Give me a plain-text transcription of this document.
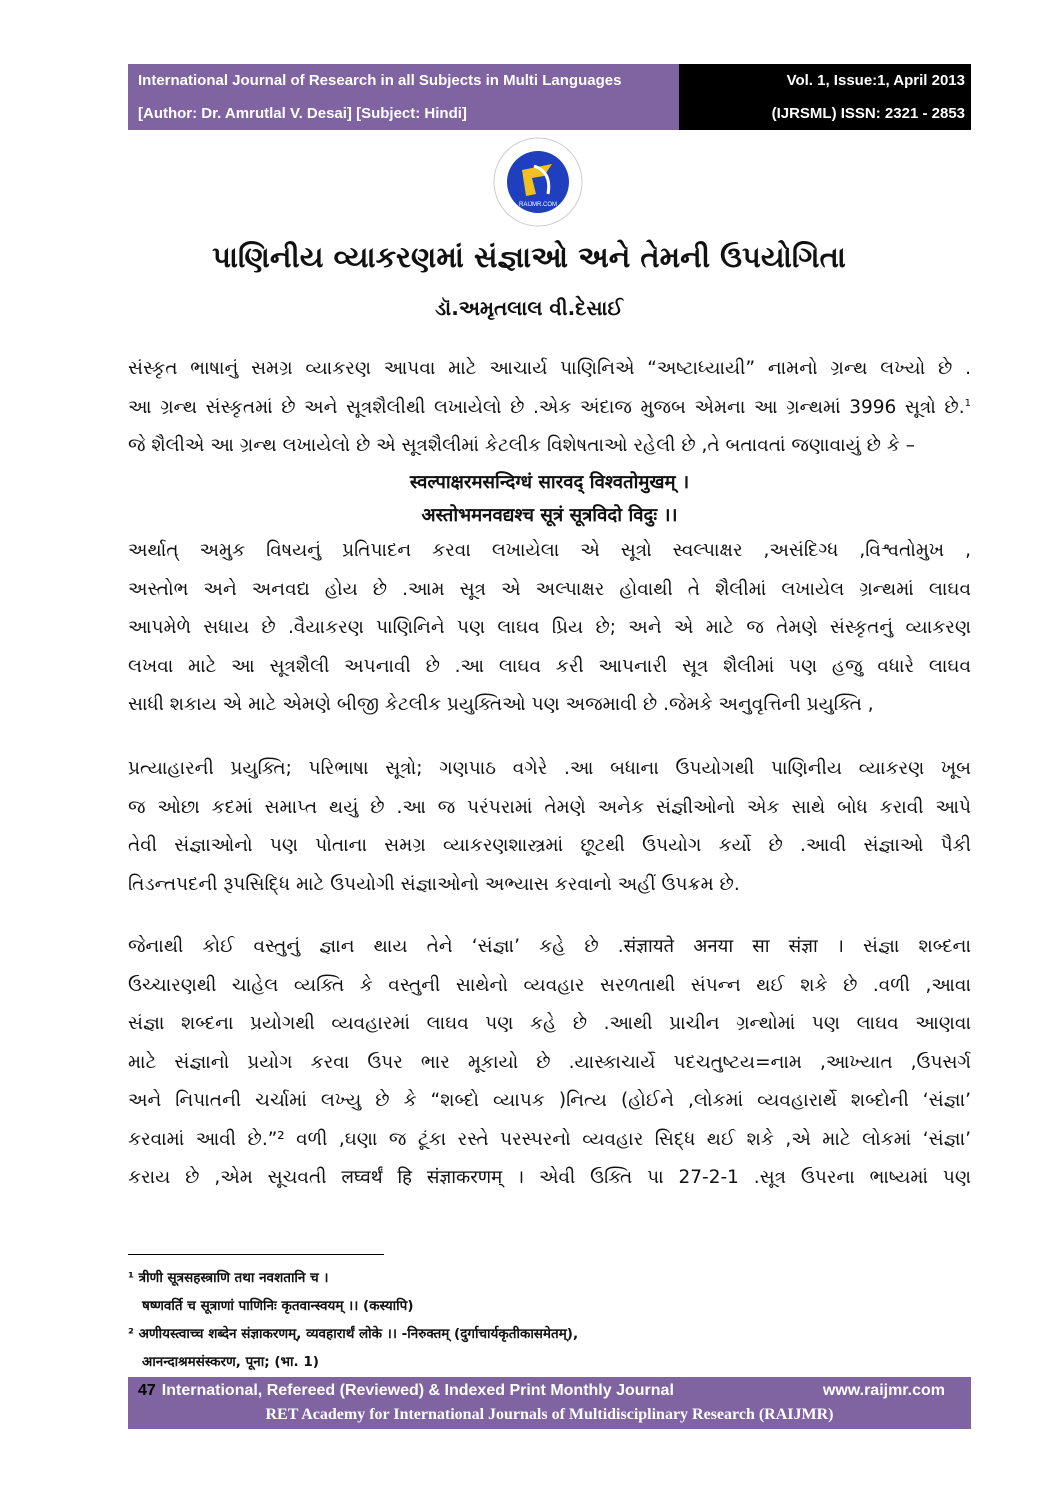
International Journal of Research in all Subjects in Multi Languages
[Author: Dr. Amrutlal V. Desai] [Subject: Hindi]
Vol. 1, Issue:1, April 2013
(IJRSML) ISSN: 2321 - 2853
RAIJMR.COM
પાણિનીય વ્યાકરણમાં સંજ્ઞાઓ અને તેમની ઉપયોગિતા
ડૉ.અમૃતલાલ વી.દેસાઈ
સંસ્કૃત ભાષાનું સમગ્ર વ્યાકરણ આપવા માટે આચાર્ય પાણિનિએ “અષ્ટાધ્યાયી” નામનો ગ્રન્થ લખ્યો છે .
આ ગ્રન્થ સંસ્કૃતમાં છે અને સૂત્રશૈલીથી લખાયેલો છે .એક અંદાજ મુજબ એમના આ ગ્રન્થમાં 3996 સૂત્રો છે.$^1$
જે શૈલીએ આ ગ્રન્થ લખાયેલો છે એ સૂત્રશૈલીમાં કેટલીક વિશેષતાઓ રહેલી છે ,તે બતાવતાં જણાવાયું છે કે –
स्वल्पाक्षरमसन्दिग्धं सारवद् विश्वतोमुखम् ।
अस्तोभमनवद्यश्च सूत्रं सूत्रविदो विदुः ।।
અર્થાત્ અમુક વિષયનું પ્રતિપાદન કરવા લખાયેલા એ સૂત્રો સ્વલ્પાક્ષર ,અસંદિગ્ધ ,વિશ્વતોમુખ ,
અસ્તોભ અને અનવદ્ય હોય છે .આમ સૂત્ર એ અલ્પાક્ષર હોવાથી તે શૈલીમાં લખાયેલ ગ્રન્થમાં લાઘવ
આપમેળે સધાય છે .વૈયાકરણ પાણિનિને પણ લાઘવ પ્રિય છે; અને એ માટે જ તેમણે સંસ્કૃતનું વ્યાકરણ
લખવા માટે આ સૂત્રશૈલી અપનાવી છે .આ લાઘવ કરી આપનારી સૂત્ર શૈલીમાં પણ હજુ વધારે લાઘવ
સાધી શકાય એ માટે એમણે બીજી કેટલીક પ્રયુક્તિઓ પણ અજમાવી છે .જેમકે અનુવૃત્તિની પ્રયુક્તિ ,
પ્રત્યાહારની પ્રયુક્તિ; પરિભાષા સૂત્રો; ગણપાઠ વગેરે .આ બધાના ઉપયોગથી પાણિનીય વ્યાકરણ ખૂબ
જ ઓછા કદમાં સમાપ્ત થયું છે .આ જ પરંપરામાં તેમણે અનેક સંજ્ઞીઓનો એક સાથે બોધ કરાવી આપે
તેવી સંજ્ઞાઓનો પણ પોતાના સમગ્ર વ્યાકરણશાસ્ત્રમાં છૂટથી ઉપયોગ કર્યો છે .આવી સંજ્ઞાઓ પૈકી
તિડન્તપદની રૂપસિદ્ધિ માટે ઉપયોગી સંજ્ઞાઓનો અભ્યાસ કરવાનો અહીં ઉપક્રમ છે.
જેનાથી કોઈ વસ્તુનું જ્ઞાન થાય તેને ‘સંજ્ઞા’ કહે છે .संज्ञायते अनया सा संज्ञा । સંજ્ઞા શબ્દના
ઉચ્ચારણથી ચાહેલ વ્યક્તિ કે વસ્તુની સાથેનો વ્યવહાર સરળતાથી સંપન્ન થઈ શકે છે .વળી ,આવા
સંજ્ઞા શબ્દના પ્રયોગથી વ્યવહારમાં લાઘવ પણ કહે છે .આથી પ્રાચીન ગ્રન્થોમાં પણ લાઘવ આણવા
માટે સંજ્ઞાનો પ્રયોગ કરવા ઉપર ભાર મૂકાયો છે .યાસ્કાચાર્યે પદચતુષ્ટય=નામ ,આખ્યાત ,ઉપસર્ગ
અને નિપાતની ચર્ચામાં લખ્યુ છે કે “શબ્દો વ્યાપક )નિત્ય (હોઈને ,લોકમાં વ્યવહારાર્થે શબ્દોની ‘સંજ્ઞા’
કરવામાં આવી છે.”² વળી ,ઘણા જ ટૂંકા રસ્તે પરસ્પરનો વ્યવહાર સિદ્ધ થઈ શકે ,એ માટે લોકમાં ‘સંજ્ઞા’
કરાય છે ,એમ સૂચવતી लघ्वर्थं हि संज्ञाकरणम् । એવી ઉક્તિ પા 27-2-1 .સૂત્ર ઉપરના ભાષ્યમાં પણ
¹ त्रीणी सूत्रसहस्त्राणि तथा नवशतानि च ।
षष्णवर्ति च सूत्राणां पाणिनिः कृतवान्स्वयम् ।। (कस्यापि)
² अणीयस्त्वाच्च शब्देन संज्ञाकरणम्, व्यवहारार्थं लोके ।। -निरुक्तम् (दुर्गाचार्यकृतीकासमेतम्),
आनन्दाश्रमसंस्करण, पूना; (भा. 1)
47 International, Refereed (Reviewed) & Indexed Print Monthly Journal	www.raijmr.com
RET Academy for International Journals of Multidisciplinary Research (RAIJMR)
